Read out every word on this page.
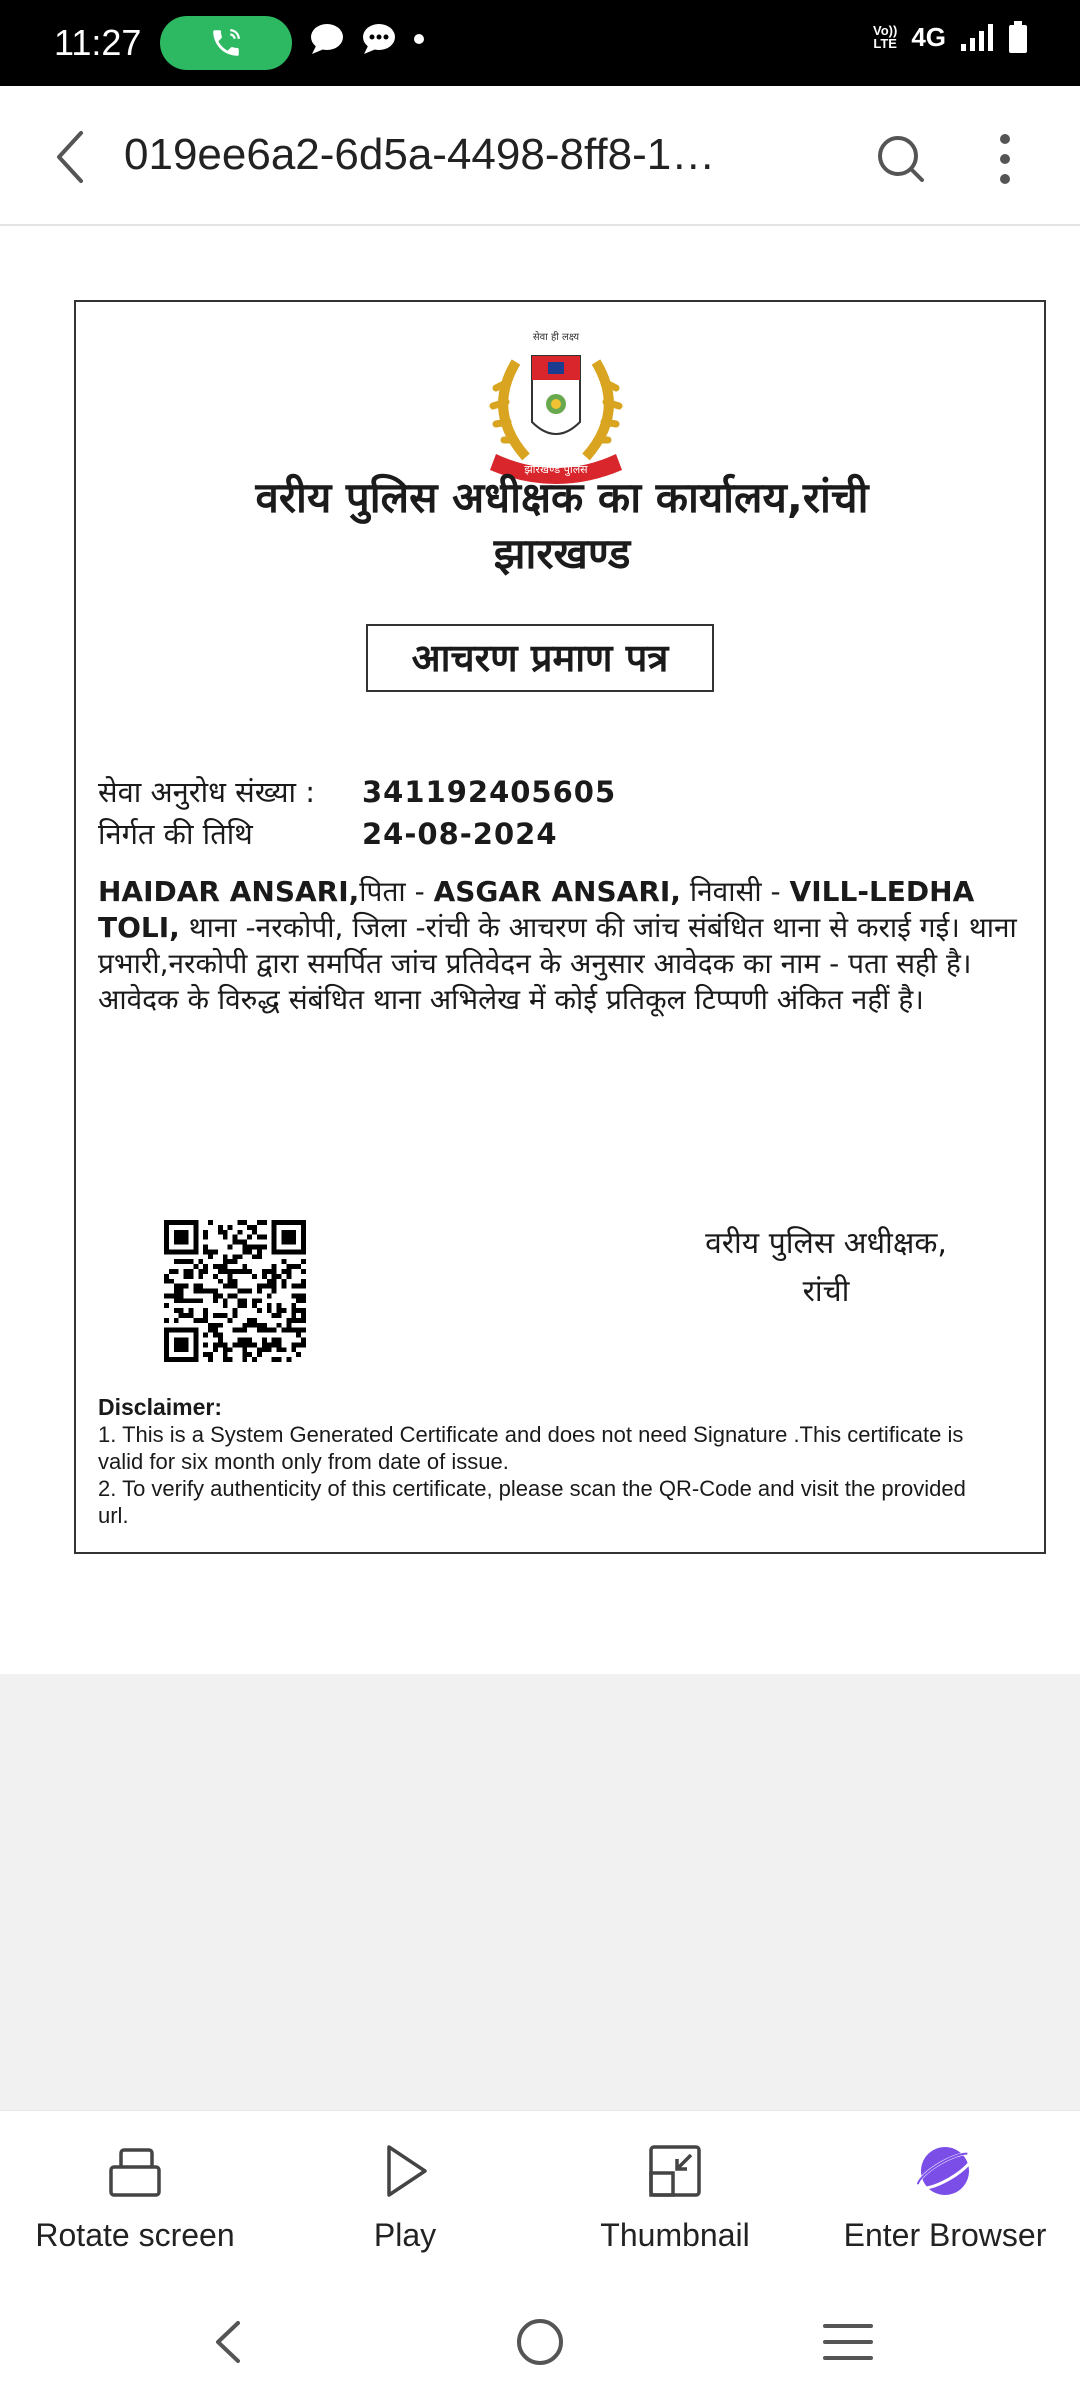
11:27	Vo))
LTE 4G
019ee6a2-6d5a-4498-8ff8-1…
सेवा ही लक्ष्य
झारखण्ड पुलिस
वरीय पुलिस अधीक्षक का कार्यालय,रांची
झारखण्ड
आचरण प्रमाण पत्र
सेवा अनुरोध संख्या :	341192405605
निर्गत की तिथि	24-08-2024
HAIDAR ANSARI,पिता - ASGAR ANSARI, निवासी - VILL-LEDHA TOLI, थाना -नरकोपी, जिला -रांची के आचरण की जांच संबंधित थाना से कराई गई। थाना प्रभारी,नरकोपी द्वारा समर्पित जांच प्रतिवेदन के अनुसार आवेदक का नाम - पता सही है। आवेदक के विरुद्ध संबंधित थाना अभिलेख में कोई प्रतिकूल टिप्पणी अंकित नहीं है।
वरीय पुलिस अधीक्षक,
रांची
Disclaimer:
1. This is a System Generated Certificate and does not need Signature .This certificate is valid for six month only from date of issue.
2. To verify authenticity of this certificate, please scan the QR-Code and visit the provided url.
Rotate screen	Play	Thumbnail	Enter Browser
